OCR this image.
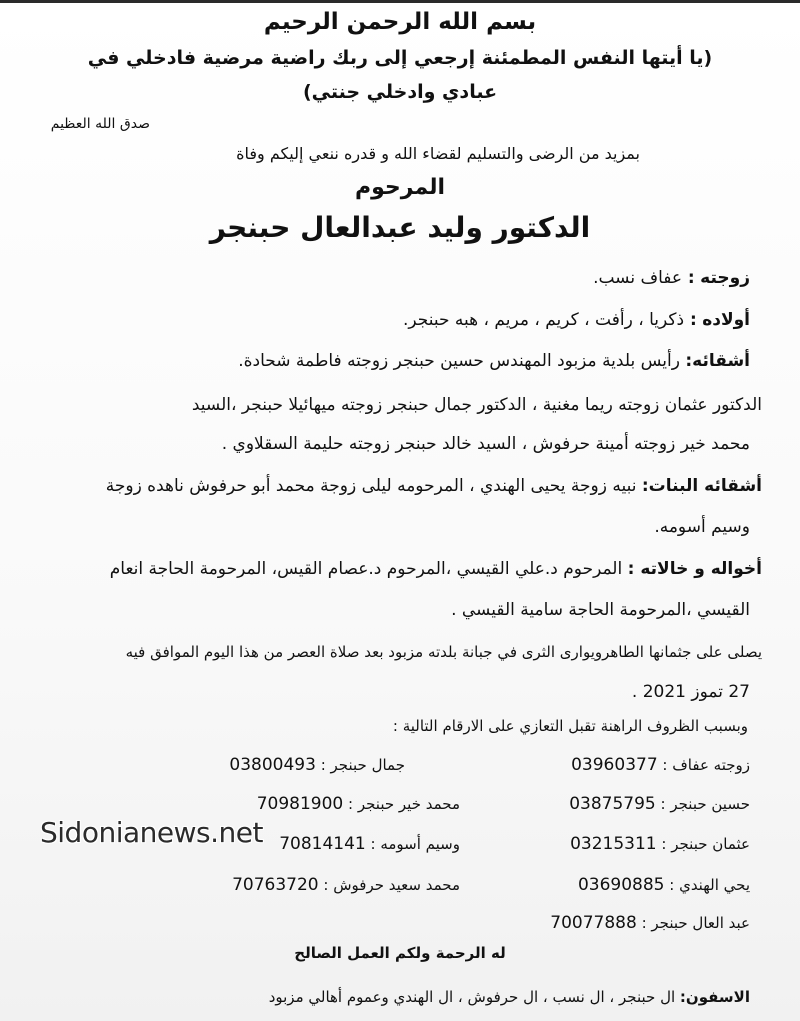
بسم الله الرحمن الرحيم
(يا أيتها النفس المطمئنة إرجعي إلى ربك راضية مرضية فادخلي في
عبادي وادخلي جنتي)
صدق الله العظيم
بمزيد من الرضى والتسليم لقضاء الله و قدره ننعي إليكم وفاة
المرحوم
الدكتور وليد عبدالعال حبنجر
زوجته : عفاف نسب.
أولاده : ذكريا ، رأفت ، كريم ، مريم ، هبه حبنجر.
أشقائه: رأيس بلدية مزبود المهندس حسين حبنجر زوجته فاطمة شحادة.
الدكتور عثمان زوجته ريما مغنية ، الدكتور جمال حبنجر زوجته ميهائيلا حبنجر ،السيد
محمد خير زوجته أمينة حرفوش ، السيد خالد حبنجر زوجته حليمة السقلاوي .
أشقائه البنات: نبيه زوجة يحيى الهندي ، المرحومه ليلى زوجة محمد أبو حرفوش ناهده زوجة
وسيم أسومه.
أخواله و خالاته : المرحوم د.علي القيسي ،المرحوم د.عصام القيس، المرحومة الحاجة انعام
القيسي ،المرحومة الحاجة سامية القيسي .
يصلى على جثمانها الطاهرويوارى الثرى في جبانة بلدته مزبود بعد صلاة العصر من هذا اليوم الموافق فيه
27 تموز 2021 .
وبسبب الظروف الراهنة تقبل التعازي على الارقام التالية :
زوجته عفاف : 03960377
حسين حبنجر : 03875795
عثمان حبنجر : 03215311
يحي الهندي : 03690885
عبد العال حبنجر : 70077888
جمال حبنجر : 03800493
محمد خير حبنجر : 70981900
وسيم أسومه : 70814141
محمد سعيد حرفوش : 70763720
Sidonianews.net
له الرحمة ولكم العمل الصالح
الاسفون: ال حبنجر ، ال نسب ، ال حرفوش ، ال الهندي وعموم أهالي مزبود
